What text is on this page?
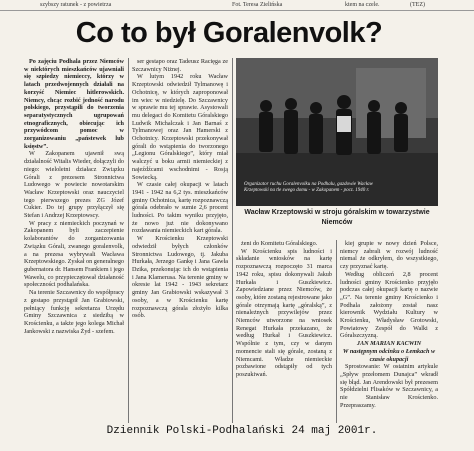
szybszy ratunek - z powietrza	Fot. Teresa Zielińska	ktem na czele.	(TEZ)
Co to był Goralenvolk?

Po zajęciu Podhala przez Niemców w niektórych mieszkańców ujawniali się szpiedzy niemieccy, którzy w latach przedwojennych działali na korzyść Niemiec hitlerowskich. Niemcy, chcąc rozbić jedność narodu polskiego, przystąpili do tworzenia separatystycznych ugrupowań etnograficznych, obiecując ich przywódcom pomoc w zorganizowaniu „państewek lub księstw”.

W Zakopanem ujawnił swą działalność Witalis Wieder, dołączyli do niego: wieloletni działacz Związku Górali z prezesem Stronnictwa Ludowego w powiecie nowotarskim Wacław Krzeptowski oraz nauczyciel tego pierwszego prezes ZG Józef Cukier. Do tej grupy przyłączył się Stefan i Andrzej Krzeptowscy.

W pracy z niemieckich poczynań w Zakopanem byli zaczepienie kolaborantów do zorganizowania Związku Górali, zwanego goralenvolk, a na prezesa wybrywali Wacława Krzeptowskiego. Zyskał on generalnego gubernatora dr. Hansem Frankiem i jego Wawelu, co przypieczętował działaność społeczności podhalańska.

Na terenie Szczawnicy do współpracy z gestapo przystąpił Jan Grabiowski, pełniący funkcję sekretarza Urzędu Gminy Szczawnica z siedzibą w Krościenku, a także jego kolega Michał Jankowski z nazwiska Żyd - szefem.

ser gestapo oraz Tadeusz Racięga ze Szczawnicy Niżnej.

W lutym 1942 roku Wacław Krzeptowski odwiedził Tylmanowę i Ochotnicę, w których zaproponował im wiec w niedzielę. Do Szczawnicy w sprawie mu tej sprawie. Asystowali mu delegaci do Komitetu Góralskiego Ludwik Michalczak i Jan Barnaś z Tylmanowej oraz Jan Hamerski z Ochotnicy. Krzeptowski przekonywał górali do wstąpienia do tworzonego „Legionu Góralskiego”, który miał walczyć u boku armii niemieckiej z najeźdźcami wschodnimi - Rosją Sowiecką.

W czasie całej okupacji w latach 1941 - 1942 na 6,2 tys. mieszkańców gminy Ochotnica, kartę rozpoznawczą górala odebrało w sumie 2,6 procent ludności. Po takim wyniku przyjęto, że nowo już nie dokonywano rozdawania niemieckich kart górala.

W Krościenku Krzeptowski odwiedził byłych członków Stronnictwa Ludowego, tj. Jakuba Hurkała, Jerzego Gankę i Jana Gawła Dzika, przekonując ich do wstąpienia i Jana Klamerusa. Na terenie gminy w okresie lat 1942 - 1943 sekretarz gminy Jan Grabiowski wskazywał 3 osoby, a w Krościenku kartę rozpoznawczą górala złożyło kilka osób.

Organizator ruchu Goralenvolku na Podhalu, gazdowie Wacław Krzeptowski na tle swego domu - w Zakopanem - pocz. 1940 r.
Wacław Krzeptowski w stroju góralskim w towarzystwie Niemców

żeni do Komitetu Góralskiego.

W Krościenku spis ludności i składanie wniosków na kartę rozpoznawczą rozpoczęto 31 marca 1942 roku, spisu dokonywali Jakub Hurkała i Guszkiewicz. Zapowiedziane przez Niemców, że osoby, które zostaną rejestrowane jako górale otrzymają kartę „góralską”, z nienależnych przywilejów przez Niemców utworzone na wniosek Renegat Hurkała przekazano, że według Hurkał i Guszkiewicz. Wspólnie z tym, czy w danym momencie stali się górale, zostaną z Niemcami. Władze niemieckie pozbawione odstąpiły od tych poszukiwań.

kiej grupie w nowy dzień Polsce, niemcy zabrali w rozwój ludność niemal że odkryłem, do wszystkiego, czy przyznać kartę.

Według obliczeń 2,8 procent ludności gminy Krościenko przyjęło podczas całej okupacji kartę o nazwie „G”. Na terenie gminy Krościenko i Podhala założony został nasz kierownik Wydziału Kultury w Krościenku, Władysław Grotowski, Powiatowy Zespół do Walki z Góralszczyzną.

JAN MARIAN KACWIN

W następnym odcinku o Łemkach w czasie okupacji

Sprostowanie: W ostatnim artykule „Spływ przełomem Dunajca” wkradł się błąd. Jan Arendowski był prezesem Spółdzielni Flisaków w Szczawnicy, a nie Stanisław Krościenko. Przepraszamy.

Dziennik Polski-Podhalański 24 maj 2001r.
